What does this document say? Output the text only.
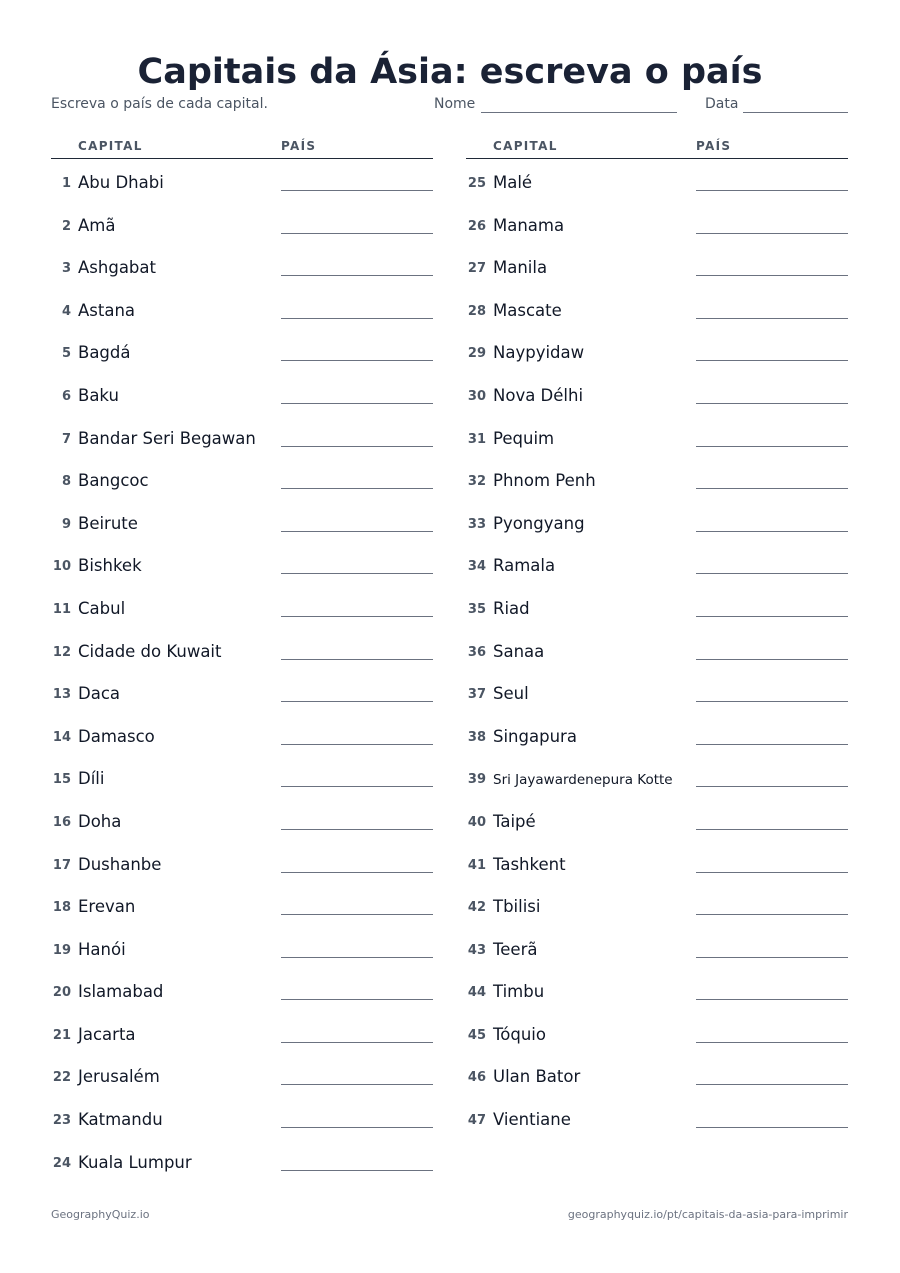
Capitais da Ásia: escreva o país
Escreva o país de cada capital.	Nome	Data
CAPITAL	PAÍS
1 Abu Dhabi
2 Amã
3 Ashgabat
4 Astana
5 Bagdá
6 Baku
7 Bandar Seri Begawan
8 Bangcoc
9 Beirute
10 Bishkek
11 Cabul
12 Cidade do Kuwait
13 Daca
14 Damasco
15 Díli
16 Doha
17 Dushanbe
18 Erevan
19 Hanói
20 Islamabad
21 Jacarta
22 Jerusalém
23 Katmandu
24 Kuala Lumpur
CAPITAL	PAÍS
25 Malé
26 Manama
27 Manila
28 Mascate
29 Naypyidaw
30 Nova Délhi
31 Pequim
32 Phnom Penh
33 Pyongyang
34 Ramala
35 Riad
36 Sanaa
37 Seul
38 Singapura
39 Sri Jayawardenepura Kotte
40 Taipé
41 Tashkent
42 Tbilisi
43 Teerã
44 Timbu
45 Tóquio
46 Ulan Bator
47 Vientiane
GeographyQuiz.io	geographyquiz.io/pt/capitais-da-asia-para-imprimir
